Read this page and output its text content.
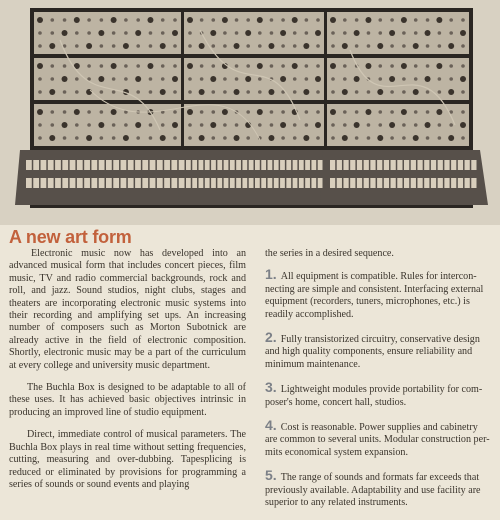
A new art form

Electronic music now has developed into an advanced musical form that includes concert pieces, film music, TV and radio commercial backgrounds, rock and roll, and jazz. Sound studios, night clubs, stages and theaters are incorporating electronic music systems into their recording and amplifying set ups. An increasing number of composers such as Morton Subotnick are already active in the field of electronic composition. Shortly, electronic music may be a part of the curriculum at every college and university music department.

The Buchla Box is designed to be adaptable to all of these uses. It has achieved basic objectives intrinsic in producing an improved line of studio equipment.

Direct, immediate control of musical parameters. The Buchla Box plays in real time without setting frequencies, cutting, measuring and over-dubbing. Tapesplicing is reduced or eliminated by provisions for programming a series of sounds or sound events and playing

the series in a desired sequence.

1. All equipment is compatible. Rules for intercon-
necting are simple and consistent. Interfacing external
equipment (recorders, tuners, microphones, etc.) is
readily accomplished.

2. Fully transistorized circuitry, conservative design
and high quality components, ensure reliability and
minimum maintenance.

3. Lightweight modules provide portability for com-
poser's home, concert hall, studios.

4. Cost is reasonable. Power supplies and cabinetry
are common to several units. Modular construction per-
mits economical system expansion.

5. The range of sounds and formats far exceeds that
previously available. Adaptability and use facility are
superior to any related instruments.
